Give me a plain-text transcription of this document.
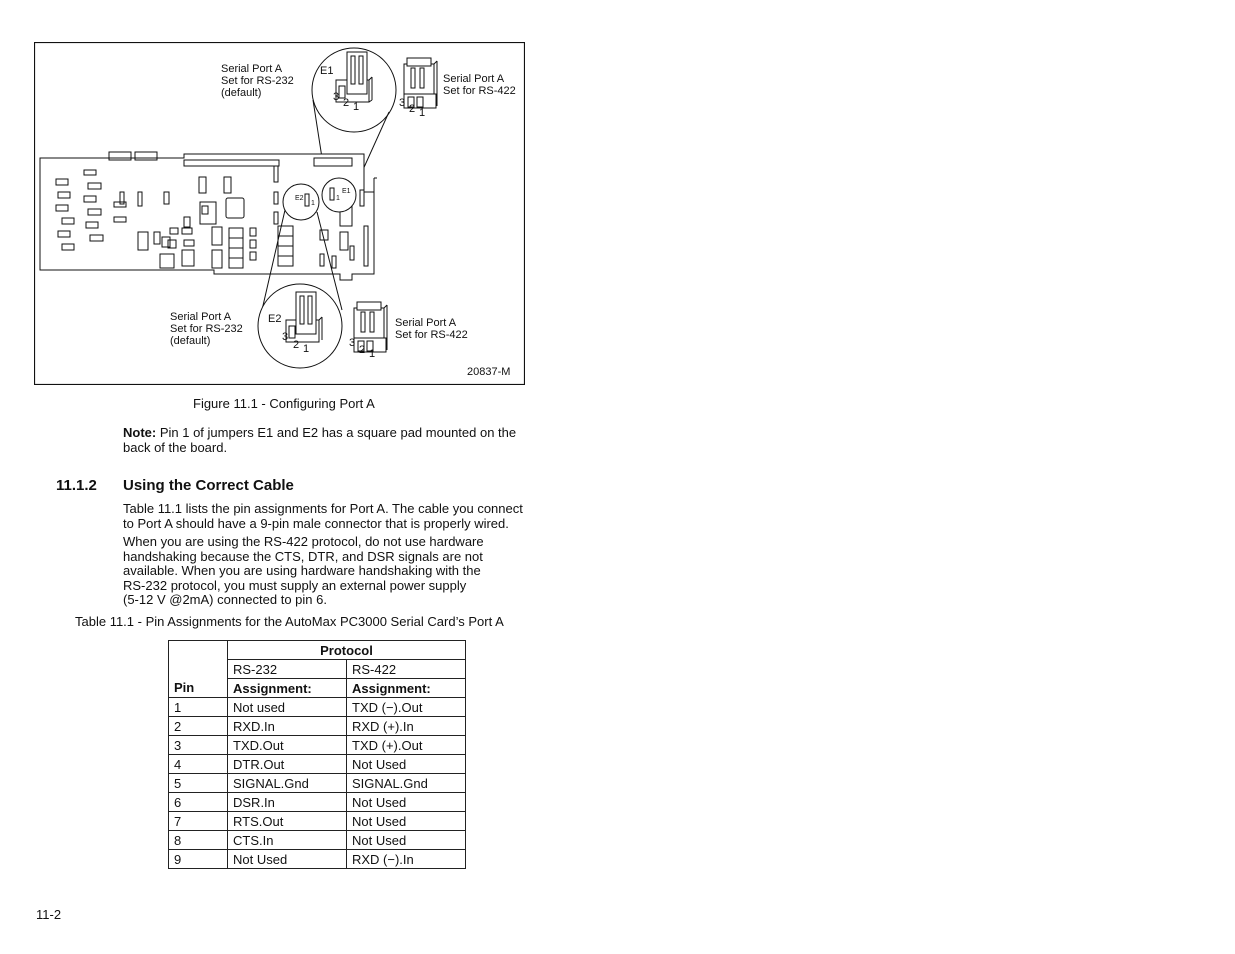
Serial Port A
Set for RS-232
(default)
E1
3 2 1	3 2 1
Serial Port A
Set for RS-422
E2
1
E1
1
E2
3
2 1
Serial Port A
Set for RS-232
(default)	3
2 1
Serial Port A
Set for RS-422
20837-M
Figure 11.1 - Configuring Port A
Note: Pin 1 of jumpers E1 and E2 has a square pad mounted on the
back of the board.
11.1.2 Using the Correct Cable
Table 11.1 lists the pin assignments for Port A. The cable you connect
to Port A should have a 9-pin male connector that is properly wired.
When you are using the RS-422 protocol, do not use hardware
handshaking because the CTS, DTR, and DSR signals are not
available. When you are using hardware handshaking with the
RS-232 protocol, you must supply an external power supply
(5-12 V @2mA) connected to pin 6.
Table 11.1 - Pin Assignments for the AutoMax PC3000 Serial Card’s Port A
	Protocol	
	RS-232	RS-422
Pin	Assignment:	Assignment:
1	Not used	TXD (−).Out
2	RXD.In	RXD (+).In
3	TXD.Out	TXD (+).Out
4	DTR.Out	Not Used
5	SIGNAL.Gnd	SIGNAL.Gnd
6	DSR.In	Not Used
7	RTS.Out	Not Used
8	CTS.In	Not Used
9	Not Used	RXD (−).In
11-2
